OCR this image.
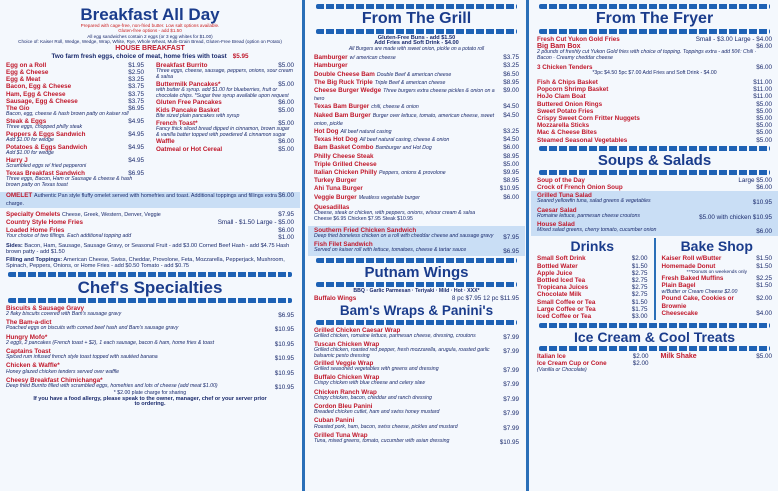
Breakfast All Day
Prepared with cage-free, non-fried butter. Low salt options available.
Gluten-free options - add $1.50
All egg sandwiches contain 2 eggs (or 3 egg whites for $1.00)
Choice of: Kaiser Roll, Wedge, Wedge, Wrap, White, Rye, Whole Wheat, Multi-Grain Bread, Gluten-Free Bread (option on Potato)
HOUSE BREAKFAST
Two farm fresh eggs, choice of meat, home fries with toast $5.95
Egg on a Roll	$1.95
Egg & Cheese	$2.50
Egg & Meat	$3.25
Bacon, Egg & Cheese	$3.75
Ham, Egg & Cheese	$3.75
Sausage, Egg & Cheese	$3.75
The Gio	$6.95
Bacon, egg, cheese & hash brown patty on kaiser roll
Steak & Eggs	$4.95
Three eggs, chopped philly steak
Peppers & Eggs Sandwich	$4.95
Add $1.00 for wedge
Potatoes & Eggs Sandwich	$4.95
Add $1.00 for wedge
Harry J	$4.95
Scrambled eggs w/ fried pepperoni
Texas Breakfast Sandwich	$6.95
Three eggs, Bacon, Ham or Sausage & cheese & hash brown patty on Texas toast
Breakfast Burrito	$5.00
Three eggs, cheese, sausage, peppers, onions, sour cream & salsa
Buttermilk Pancakes*	$5.00
with butter & syrup. add $1.00 for blueberries, fruit or chocolate chips. *Sugar free syrup available upon request
Gluten Free Pancakes	$6.00
Kids Pancake Basket	$5.00
Bite sized plain pancakes with syrup
French Toast*	$5.00
Fancy thick sliced bread dipped in cinnamon, brown sugar & vanilla batter topped with powdered & cinnamon sugar
Waffle	$6.00
Oatmeal or Hot Cereal	$5.00
OMELET Authentic Pan style fluffy omelet served with homefries and toast. Additional toppings and fillings extra charge.
$6.00
Specialty Omelets Cheese, Greek, Western, Denver, Veggie	$7.95
Country Style Home Fries	Small - $1.50 Large - $5.00
Loaded Home Fries	$6.00
Your choice of two fillings. Each additional topping add	$1.00
Sides: Bacon, Ham, Sausage, Sausage Gravy, or Seasonal Fruit - add $3.00 Corned Beef Hash - add $4.75 Hash brown patty - add $1.50
Filling and Toppings: American Cheese, Swiss, Cheddar, Provolone, Feta, Mozzarella, Pepperjack, Mushroom, Spinach, Peppers, Onions, or Home Fries - add $0.50 Tomato - add $0.75
Chef's Specialties
Biscuits & Sausage Gravy
2 flaky biscuits covered with Bam's sausage gravy	$6.95
The Bam-a-dict
Poached eggs on biscuits with corned beef hash and Bam's sausage gravy	$10.95
Hungry Mofo*
2 eggs, 2 pancakes (French toast + $2), 1 each sausage, bacon & ham, home fries & toast	$10.95
Captains Toast
Spiced rum infused french style toast topped with sautéed banana	$10.95
Chicken & Waffle*
Honey glazed chicken tenders served over waffle	$10.95
Cheesy Breakfast Chimichanga*
Deep fried Burrito filled with scrambled eggs, homefries and lots of cheese (add meat $1.00)	$10.95
* $2.00 plate charge for sharing
If you have a food allergy, please speak to the owner, manager, chef or your server prior to ordering.
From The Grill
Gluten-Free Buns - add $1.50
Add Fries and Soft Drink - $4.00
All Burgers are made with sweet onion, pickle on a potato roll
Bamburger w/ american cheese	$3.75
Hamburger	$3.25
Double Cheese Bam Double Beef & american cheese	$6.50
The Big Ruck Triple Triple Beef & american cheese	$8.95
Cheese Burger Wedge Three burgers extra cheese pickles & onion on a hero
$9.00
Texas Bam Burger chili, cheese & onion	$4.50
Naked Bam Burger Burger over lettuce, tomato, american cheese, sweet onion, pickle
$4.50
Hot Dog All beef natural casing	$3.25
Texas Hot Dog All beef natural casing, cheese & onion	$4.50
Bam Basket Combo Bamburger and Hot Dog	$6.00
Philly Cheese Steak	$8.95
Triple Grilled Cheese	$5.00
Italian Chicken Philly Peppers, onions & provolone	$9.95
Turkey Burger	$8.95
Ahi Tuna Burger	$10.95
Veggie Burger Meatless vegetable burger	$6.00
Quesadillas
Cheese, steak or chicken, with peppers, onions, w/sour cream & salsa
Cheese $6.95 Chicken $7.95 Steak $10.95
Southern Fried Chicken Sandwich
Deep fried boneless chicken on a roll with cheddar cheese and sausage gravy $7.95
Fish Filet Sandwich
Served on kaiser roll with lettuce, tomatoes, cheese & tartar sauce	$6.95
Putnam Wings
BBQ · Garlic Parmesan · Teriyaki · Mild · Hot · XXX*
Buffalo Wings	8 pc $7.95 12 pc $11.95
Bam's Wraps & Panini's
Grilled Chicken Caesar Wrap
Grilled chicken, romaine lettuce, parmesan cheese, dressing, croutons	$7.99
Tuscan Chicken Wrap
Grilled chicken, roasted red pepper, fresh mozzarella, arugula, roasted garlic balsamic pesto dressing
$7.99
Grilled Veggie Wrap
Grilled seasoned vegetables with greens and dressing	$7.99
Buffalo Chicken Wrap
Crispy chicken with blue cheese and celery slaw	$7.99
Chicken Ranch Wrap
Crispy chicken, bacon, cheddar and ranch dressing	$7.99
Cordon Bleu Panini
Breaded chicken cutlet, ham and swiss honey mustard	$7.99
Cuban Panini
Roasted pork, ham, bacon, swiss cheese, pickles and mustard	$7.99
Grilled Tuna Wrap
Tuna, mixed greens, tomato, cucumber with asian dressing	$10.95
From The Fryer
Fresh Cut Yukon Gold Fries	Small - $3.00 Large - $4.00
Big Bam Box	$6.00
2 pounds of freshly cut Yukon Gold fries with choice of topping. Toppings extra - add 50¢: Chili · Bacon · Creamy cheddar cheese
3 Chicken Tenders	$6.00
*3pc $4.50 5pc $7.00 Add Fries and Soft Drink - $4.00
Fish & Chips Basket	$11.00
Popcorn Shrimp Basket	$11.00
HoJo Clam Boat	$11.00
Buttered Onion Rings	$5.00
Sweet Potato Fries	$5.00
Crispy Sweet Corn Fritter Nuggets	$5.00
Mozzarella Sticks	$5.00
Mac & Cheese Bites	$5.00
Steamed Seasonal Vegetables	$5.00
Soups & Salads
Soup of the Day	Large $5.00
Crock of French Onion Soup	$6.00
Grilled Tuna Salad
Seared yellowfin tuna, salad greens & vegetables	$10.95
Caesar Salad
Romaine lettuce, parmesan cheese croutons	$5.00 with chicken $10.95
House Salad
Mixed salad greens, cherry tomato, cucumber onion	$6.00
Drinks
Small Soft Drink	$2.00
Bottled Water	$1.50
Apple Juice	$2.75
Bottled Iced Tea	$2.75
Tropicana Juices	$2.75
Chocolate Milk	$2.75
Small Coffee or Tea	$1.50
Large Coffee or Tea	$1.75
Iced Coffee or Tea	$3.00
Bake Shop
Kaiser Roll w/Butter	$1.50
Homemade Donut	$1.50
***Donuts on weekends only
Fresh Baked Muffins	$2.25
Plain Bagel	$1.50
w/Butter or Cream Cheese $2.00
Pound Cake, Cookies or Brownie
$2.00
Cheesecake	$4.00
Ice Cream & Cool Treats
Italian Ice	$2.00
Ice Cream Cup or Cone	$2.00
(Vanilla or Chocolate)
Milk Shake	$5.00
